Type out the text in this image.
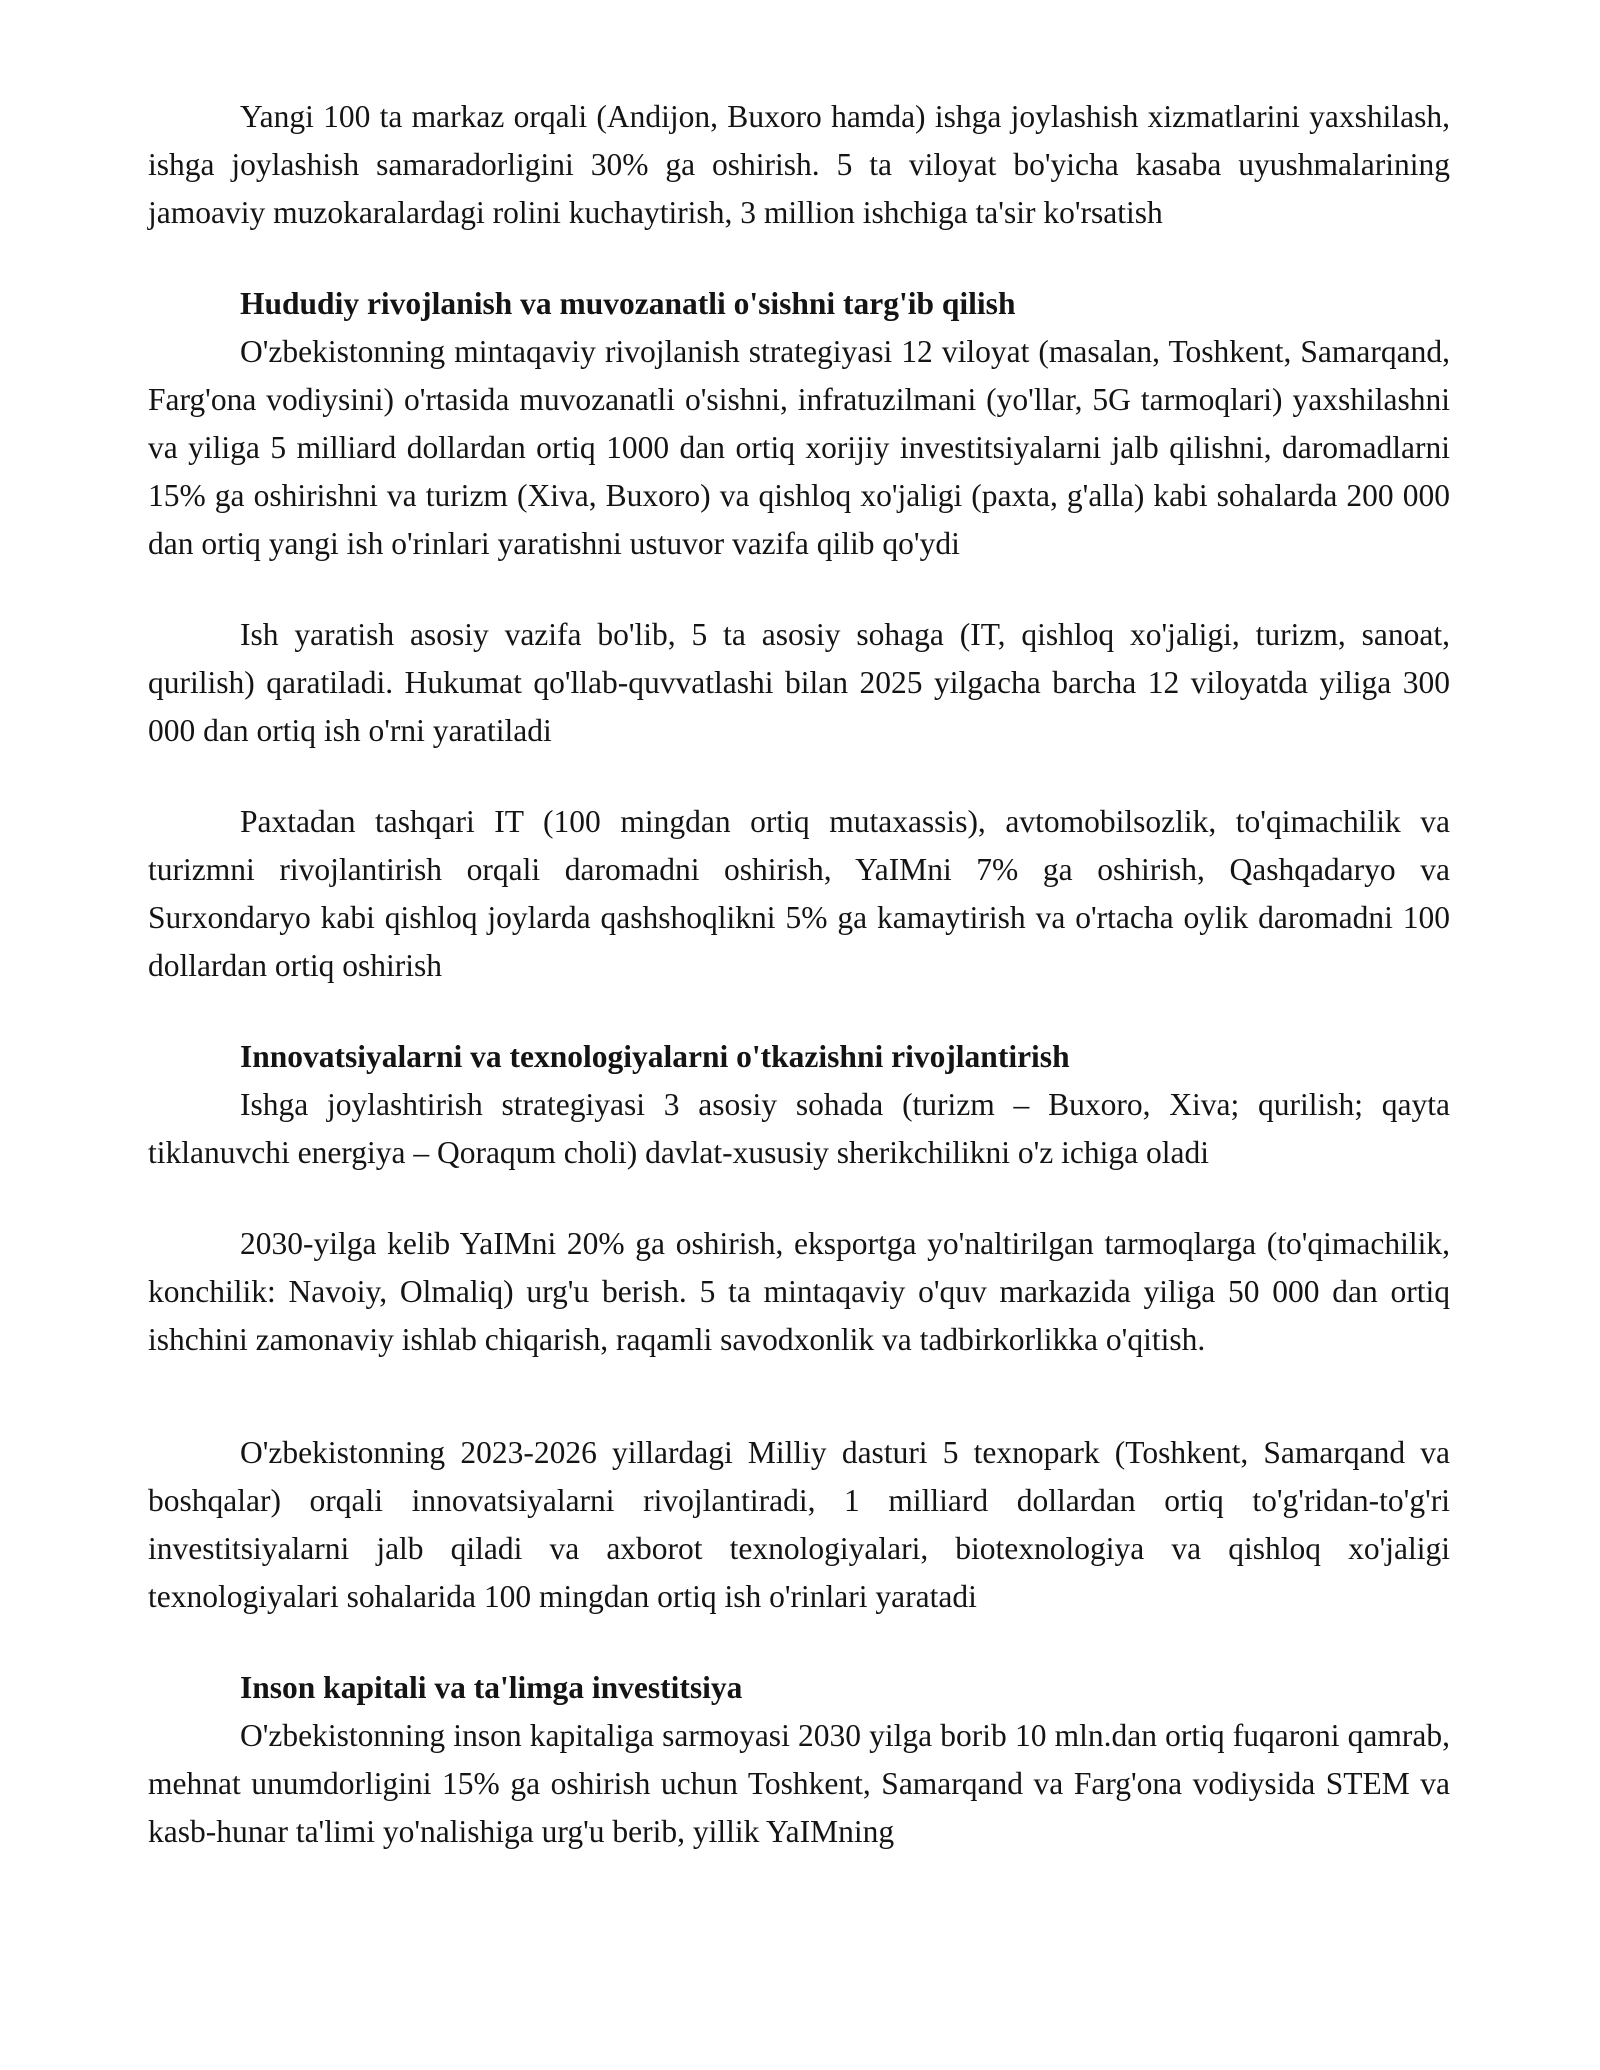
Yangi 100 ta markaz orqali (Andijon, Buxoro hamda) ishga joylashish xizmatlarini yaxshilash, ishga joylashish samaradorligini 30% ga oshirish. 5 ta viloyat bo'yicha kasaba uyushmalarining jamoaviy muzokaralardagi rolini kuchaytirish, 3 million ishchiga ta'sir ko'rsatish

Hududiy rivojlanish va muvozanatli o'sishni targ'ib qilish

O'zbekistonning mintaqaviy rivojlanish strategiyasi 12 viloyat (masalan, Toshkent, Samarqand, Farg'ona vodiysini) o'rtasida muvozanatli o'sishni, infratuzilmani (yo'llar, 5G tarmoqlari) yaxshilashni va yiliga 5 milliard dollardan ortiq 1000 dan ortiq xorijiy investitsiyalarni jalb qilishni, daromadlarni 15% ga oshirishni va turizm (Xiva, Buxoro) va qishloq xo'jaligi (paxta, g'alla) kabi sohalarda 200 000 dan ortiq yangi ish o'rinlari yaratishni ustuvor vazifa qilib qo'ydi

Ish yaratish asosiy vazifa bo'lib, 5 ta asosiy sohaga (IT, qishloq xo'jaligi, turizm, sanoat, qurilish) qaratiladi. Hukumat qo'llab-quvvatlashi bilan 2025 yilgacha barcha 12 viloyatda yiliga 300 000 dan ortiq ish o'rni yaratiladi

Paxtadan tashqari IT (100 mingdan ortiq mutaxassis), avtomobilsozlik, to'qimachilik va turizmni rivojlantirish orqali daromadni oshirish, YaIMni 7% ga oshirish, Qashqadaryo va Surxondaryo kabi qishloq joylarda qashshoqlikni 5% ga kamaytirish va o'rtacha oylik daromadni 100 dollardan ortiq oshirish

Innovatsiyalarni va texnologiyalarni o'tkazishni rivojlantirish

Ishga joylashtirish strategiyasi 3 asosiy sohada (turizm – Buxoro, Xiva; qurilish; qayta tiklanuvchi energiya – Qoraqum choli) davlat-xususiy sherikchilikni o'z ichiga oladi

2030-yilga kelib YaIMni 20% ga oshirish, eksportga yo'naltirilgan tarmoqlarga (to'qimachilik, konchilik: Navoiy, Olmaliq) urg'u berish. 5 ta mintaqaviy o'quv markazida yiliga 50 000 dan ortiq ishchini zamonaviy ishlab chiqarish, raqamli savodxonlik va tadbirkorlikka o'qitish.

O'zbekistonning 2023-2026 yillardagi Milliy dasturi 5 texnopark (Toshkent, Samarqand va boshqalar) orqali innovatsiyalarni rivojlantiradi, 1 milliard dollardan ortiq to'g'ridan-to'g'ri investitsiyalarni jalb qiladi va axborot texnologiyalari, biotexnologiya va qishloq xo'jaligi texnologiyalari sohalarida 100 mingdan ortiq ish o'rinlari yaratadi

Inson kapitali va ta'limga investitsiya

O'zbekistonning inson kapitaliga sarmoyasi 2030 yilga borib 10 mln.dan ortiq fuqaroni qamrab, mehnat unumdorligini 15% ga oshirish uchun Toshkent, Samarqand va Farg'ona vodiysida STEM va kasb-hunar ta'limi yo'nalishiga urg'u berib, yillik YaIMning
